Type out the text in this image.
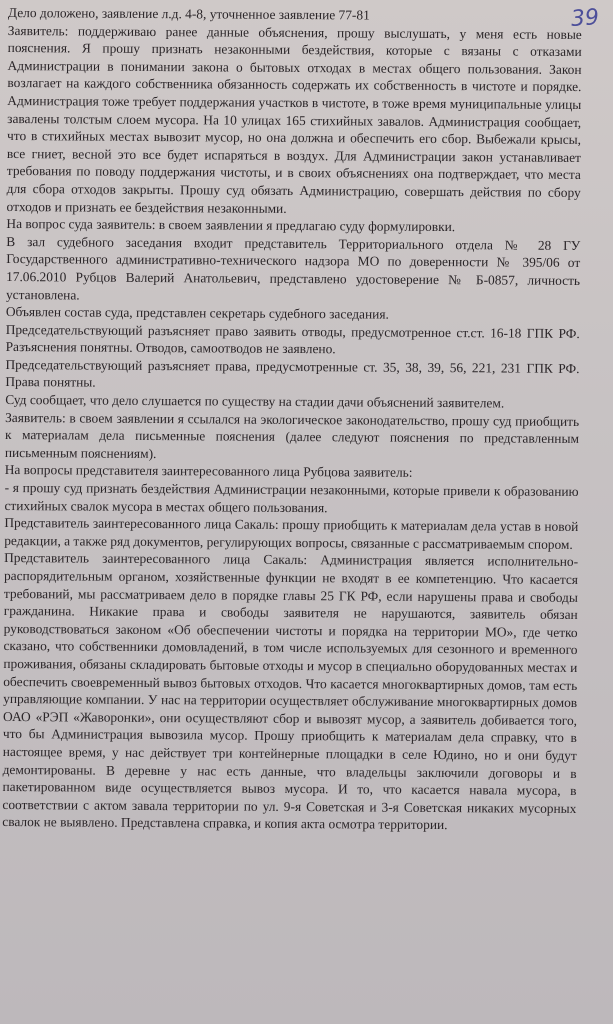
39

Дело доложено, заявление л.д. 4-8, уточненное заявление 77-81

Заявитель: поддерживаю ранее данные объяснения, прошу выслушать, у меня есть новые пояснения. Я прошу признать незаконными бездействия, которые с вязаны с отказами Администрации в понимании закона о бытовых отходах в местах общего пользования. Закон возлагает на каждого собственника обязанность содержать их собственность в чистоте и порядке. Администрация тоже требует поддержания участков в чистоте, в тоже время муниципальные улицы завалены толстым слоем мусора. На 10 улицах 165 стихийных завалов. Администрация сообщает, что в стихийных местах вывозит мусор, но она должна и обеспечить его сбор. Выбежали крысы, все гниет, весной это все будет испаряться в воздух. Для Администрации закон устанавливает требования по поводу поддержания чистоты, и в своих объяснениях она подтверждает, что места для сбора отходов закрыты. Прошу суд обязать Администрацию, совершать действия по сбору отходов и признать ее бездействия незаконными.

На вопрос суда заявитель: в своем заявлении я предлагаю суду формулировки.

В зал судебного заседания входит представитель Территориального отдела № 28 ГУ Государственного административно-технического надзора МО по доверенности № 395/06 от 17.06.2010 Рубцов Валерий Анатольевич, представлено удостоверение № Б-0857, личность установлена.

Объявлен состав суда, представлен секретарь судебного заседания.

Председательствующий разъясняет право заявить отводы, предусмотренное ст.ст. 16-18 ГПК РФ. Разъяснения понятны. Отводов, самоотводов не заявлено.

Председательствующий разъясняет права, предусмотренные ст. 35, 38, 39, 56, 221, 231 ГПК РФ. Права понятны.

Суд сообщает, что дело слушается по существу на стадии дачи объяснений заявителем.

Заявитель: в своем заявлении я ссылался на экологическое законодательство, прошу суд приобщить к материалам дела письменные пояснения (далее следуют пояснения по представленным письменным пояснениям).

На вопросы представителя заинтересованного лица Рубцова заявитель:

- я прошу суд признать бездействия Администрации незаконными, которые привели к образованию стихийных свалок мусора в местах общего пользования.

Представитель заинтересованного лица Сакаль: прошу приобщить к материалам дела устав в новой редакции, а также ряд документов, регулирующих вопросы, связанные с рассматриваемым спором.

Представитель заинтересованного лица Сакаль: Администрация является исполнительно-распорядительным органом, хозяйственные функции не входят в ее компетенцию. Что касается требований, мы рассматриваем дело в порядке главы 25 ГК РФ, если нарушены права и свободы гражданина. Никакие права и свободы заявителя не нарушаются, заявитель обязан руководствоваться законом «Об обеспечении чистоты и порядка на территории МО», где четко сказано, что собственники домовладений, в том числе используемых для сезонного и временного проживания, обязаны складировать бытовые отходы и мусор в специально оборудованных местах и обеспечить своевременный вывоз бытовых отходов. Что касается многоквартирных домов, там есть управляющие компании. У нас на территории осуществляет обслуживание многоквартирных домов ОАО «РЭП «Жаворонки», они осуществляют сбор и вывозят мусор, а заявитель добивается того, что бы Администрация вывозила мусор. Прошу приобщить к материалам дела справку, что в настоящее время, у нас действует три контейнерные площадки в селе Юдино, но и они будут демонтированы. В деревне у нас есть данные, что владельцы заключили договоры и в пакетированном виде осуществляется вывоз мусора. И то, что касается навала мусора, в соответствии с актом завала территории по ул. 9-я Советская и 3-я Советская никаких мусорных свалок не выявлено. Представлена справка, и копия акта осмотра территории.
